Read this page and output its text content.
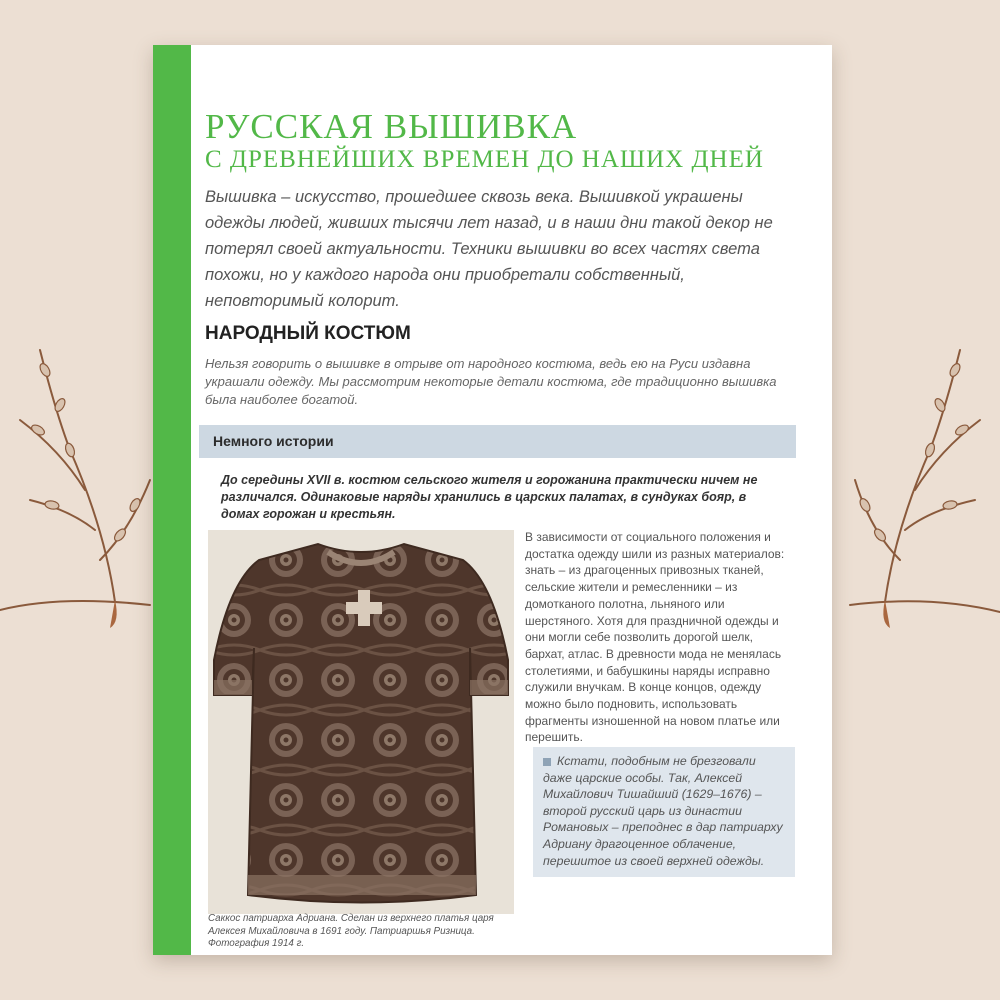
РУССКАЯ ВЫШИВКА
С ДРЕВНЕЙШИХ ВРЕМЕН ДО НАШИХ ДНЕЙ

Вышивка – искусство, прошедшее сквозь века. Вышивкой украшены одежды людей, живших тысячи лет назад, и в наши дни такой декор не потерял своей актуальности. Техники вышивки во всех частях света похожи, но у каждого народа они приобретали собственный, неповторимый колорит.

НАРОДНЫЙ КОСТЮМ

Нельзя говорить о вышивке в отрыве от народного костюма, ведь ею на Руси издавна украшали одежду. Мы рассмотрим некоторые детали костюма, где традиционно вышивка была наиболее богатой.

Немного истории

До середины XVII в. костюм сельского жителя и горожанина практически ничем не различался. Одинаковые наряды хранились в царских палатах, в сундуках бояр, в домах горожан и крестьян.

Саккос патриарха Адриана. Сделан из верхнего платья царя Алексея Михайловича в 1691 году. Патриаршья Ризница. Фотография 1914 г.

В зависимости от социального положения и достатка одежду шили из разных материалов: знать – из драгоценных привозных тканей, сельские жители и ремесленники – из домотканого полотна, льняного или шерстяного. Хотя для праздничной одежды и они могли себе позволить дорогой шелк, бархат, атлас. В древности мода не менялась столетиями, и бабушкины наряды исправно служили внучкам. В конце концов, одежду можно было подновить, использовать фрагменты изношенной на новом платье или перешить.

Кстати, подобным не брезговали даже царские особы. Так, Алексей Михайлович Тишайший (1629–1676) – второй русский царь из династии Романовых – преподнес в дар патриарху Адриану драгоценное облачение, перешитое из своей верхней одежды.
